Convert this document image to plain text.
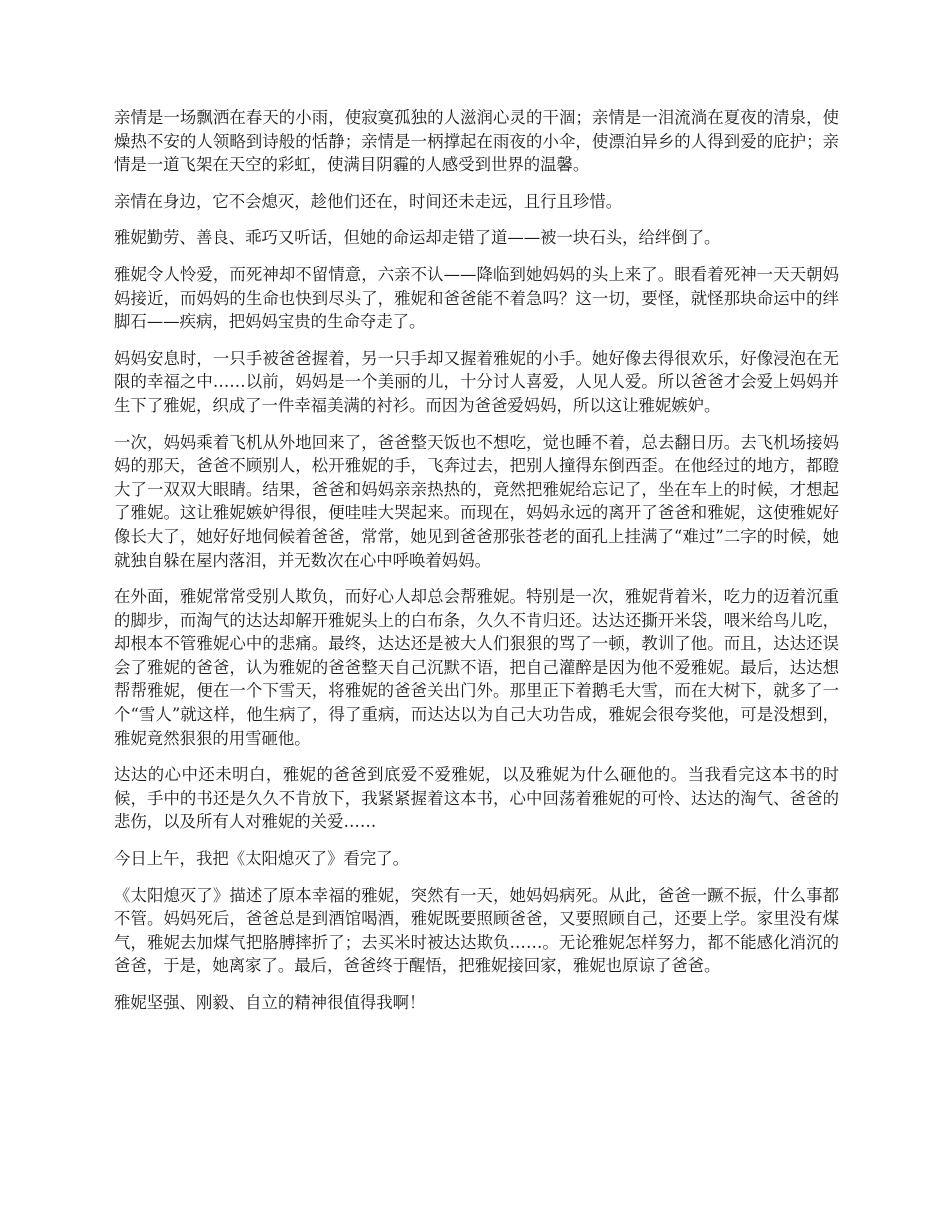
亲情是一场飘洒在春天的小雨，使寂寞孤独的人滋润心灵的干涸；亲情是一泪流淌在夏夜的清泉，使燥热不安的人领略到诗般的恬静；亲情是一柄撑起在雨夜的小伞，使漂泊异乡的人得到爱的庇护；亲情是一道飞架在天空的彩虹，使满目阴霾的人感受到世界的温馨。

亲情在身边，它不会熄灭，趁他们还在，时间还未走远，且行且珍惜。

雅妮勤劳、善良、乖巧又听话，但她的命运却走错了道——被一块石头，给绊倒了。

雅妮令人怜爱，而死神却不留情意，六亲不认——降临到她妈妈的头上来了。眼看着死神一天天朝妈妈接近，而妈妈的生命也快到尽头了，雅妮和爸爸能不着急吗？这一切，要怪，就怪那块命运中的绊脚石——疾病，把妈妈宝贵的生命夺走了。

妈妈安息时，一只手被爸爸握着，另一只手却又握着雅妮的小手。她好像去得很欢乐，好像浸泡在无限的幸福之中……以前，妈妈是一个美丽的儿，十分讨人喜爱，人见人爱。所以爸爸才会爱上妈妈并生下了雅妮，织成了一件幸福美满的衬衫。而因为爸爸爱妈妈，所以这让雅妮嫉妒。

一次，妈妈乘着飞机从外地回来了，爸爸整天饭也不想吃，觉也睡不着，总去翻日历。去飞机场接妈妈的那天，爸爸不顾别人，松开雅妮的手，飞奔过去，把别人撞得东倒西歪。在他经过的地方，都瞪大了一双双大眼睛。结果，爸爸和妈妈亲亲热热的，竟然把雅妮给忘记了，坐在车上的时候，才想起了雅妮。这让雅妮嫉妒得很，便哇哇大哭起来。而现在，妈妈永远的离开了爸爸和雅妮，这使雅妮好像长大了，她好好地伺候着爸爸，常常，她见到爸爸那张苍老的面孔上挂满了“难过”二字的时候，她就独自躲在屋内落泪，并无数次在心中呼唤着妈妈。

在外面，雅妮常常受别人欺负，而好心人却总会帮雅妮。特别是一次，雅妮背着米，吃力的迈着沉重的脚步，而淘气的达达却解开雅妮头上的白布条，久久不肯归还。达达还撕开米袋，喂米给鸟儿吃，却根本不管雅妮心中的悲痛。最终，达达还是被大人们狠狠的骂了一顿，教训了他。而且，达达还误会了雅妮的爸爸，认为雅妮的爸爸整天自己沉默不语，把自己灌醉是因为他不爱雅妮。最后，达达想帮帮雅妮，便在一个下雪天，将雅妮的爸爸关出门外。那里正下着鹅毛大雪，而在大树下，就多了一个“雪人”就这样，他生病了，得了重病，而达达以为自己大功告成，雅妮会很夸奖他，可是没想到，雅妮竟然狠狠的用雪砸他。

达达的心中还未明白，雅妮的爸爸到底爱不爱雅妮，以及雅妮为什么砸他的。当我看完这本书的时候，手中的书还是久久不肯放下，我紧紧握着这本书，心中回荡着雅妮的可怜、达达的淘气、爸爸的悲伤，以及所有人对雅妮的关爱……

今日上午，我把《太阳熄灭了》看完了。

《太阳熄灭了》描述了原本幸福的雅妮，突然有一天，她妈妈病死。从此，爸爸一蹶不振，什么事都不管。妈妈死后，爸爸总是到酒馆喝酒，雅妮既要照顾爸爸，又要照顾自己，还要上学。家里没有煤气，雅妮去加煤气把胳膊摔折了；去买米时被达达欺负……。无论雅妮怎样努力，都不能感化消沉的爸爸，于是，她离家了。最后，爸爸终于醒悟，把雅妮接回家，雅妮也原谅了爸爸。

雅妮坚强、刚毅、自立的精神很值得我啊！
